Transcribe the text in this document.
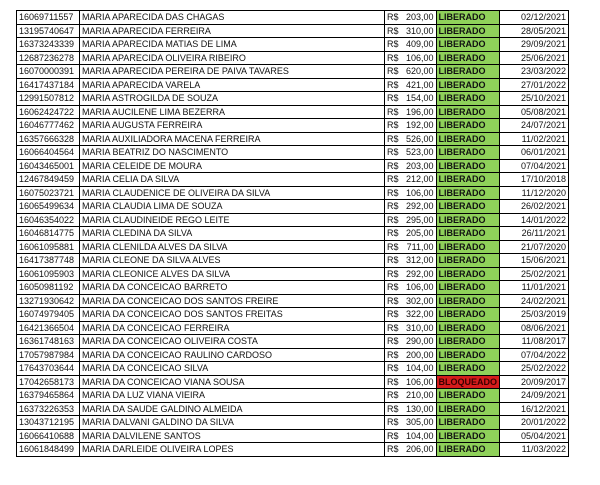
16069711557	MARIA APARECIDA DAS CHAGAS	R$	203,00	LIBERADO	02/12/2021
13195740647	MARIA APARECIDA FERREIRA	R$	310,00	LIBERADO	28/05/2021
16373243339	MARIA APARECIDA MATIAS DE LIMA	R$	409,00	LIBERADO	29/09/2021
12687236278	MARIA APARECIDA OLIVEIRA RIBEIRO	R$	106,00	LIBERADO	25/06/2021
16070000391	MARIA APARECIDA PEREIRA DE PAIVA TAVARES	R$	620,00	LIBERADO	23/03/2022
16417437184	MARIA APARECIDA VARELA	R$	421,00	LIBERADO	27/01/2022
12991507812	MARIA ASTROGILDA DE SOUZA	R$	154,00	LIBERADO	25/10/2021
16062424722	MARIA AUCILENE LIMA BEZERRA	R$	196,00	LIBERADO	05/08/2021
16046777462	MARIA AUGUSTA FERREIRA	R$	192,00	LIBERADO	24/07/2021
16357666328	MARIA AUXILIADORA MACENA FERREIRA	R$	526,00	LIBERADO	11/02/2021
16066404564	MARIA BEATRIZ DO NASCIMENTO	R$	523,00	LIBERADO	06/01/2021
16043465001	MARIA CELEIDE DE MOURA	R$	203,00	LIBERADO	07/04/2021
12467849459	MARIA CELIA DA SILVA	R$	212,00	LIBERADO	17/10/2018
16075023721	MARIA CLAUDENICE DE OLIVEIRA DA SILVA	R$	106,00	LIBERADO	11/12/2020
16065499634	MARIA CLAUDIA LIMA DE SOUZA	R$	292,00	LIBERADO	26/02/2021
16046354022	MARIA CLAUDINEIDE REGO LEITE	R$	295,00	LIBERADO	14/01/2022
16046814775	MARIA CLEDINA DA SILVA	R$	205,00	LIBERADO	26/11/2021
16061095881	MARIA CLENILDA ALVES DA SILVA	R$	711,00	LIBERADO	21/07/2020
16417387748	MARIA CLEONE DA SILVA ALVES	R$	312,00	LIBERADO	15/06/2021
16061095903	MARIA CLEONICE ALVES DA SILVA	R$	292,00	LIBERADO	25/02/2021
16050981192	MARIA DA CONCEICAO BARRETO	R$	106,00	LIBERADO	11/01/2021
13271930642	MARIA DA CONCEICAO DOS SANTOS FREIRE	R$	302,00	LIBERADO	24/02/2021
16074979405	MARIA DA CONCEICAO DOS SANTOS FREITAS	R$	322,00	LIBERADO	25/03/2019
16421366504	MARIA DA CONCEICAO FERREIRA	R$	310,00	LIBERADO	08/06/2021
16361748163	MARIA DA CONCEICAO OLIVEIRA COSTA	R$	290,00	LIBERADO	11/08/2017
17057987984	MARIA DA CONCEICAO RAULINO CARDOSO	R$	200,00	LIBERADO	07/04/2022
17643703644	MARIA DA CONCEICAO SILVA	R$	104,00	LIBERADO	25/02/2022
17042658173	MARIA DA CONCEICAO VIANA SOUSA	R$	106,00	BLOQUEADO	20/09/2017
16379465864	MARIA DA LUZ VIANA VIEIRA	R$	210,00	LIBERADO	24/09/2021
16373226353	MARIA DA SAUDE GALDINO ALMEIDA	R$	130,00	LIBERADO	16/12/2021
13043712195	MARIA DALVANI GALDINO DA SILVA	R$	305,00	LIBERADO	20/01/2022
16066410688	MARIA DALVILENE SANTOS	R$	104,00	LIBERADO	05/04/2021
16061848499	MARIA DARLEIDE OLIVEIRA LOPES	R$	206,00	LIBERADO	11/03/2022
